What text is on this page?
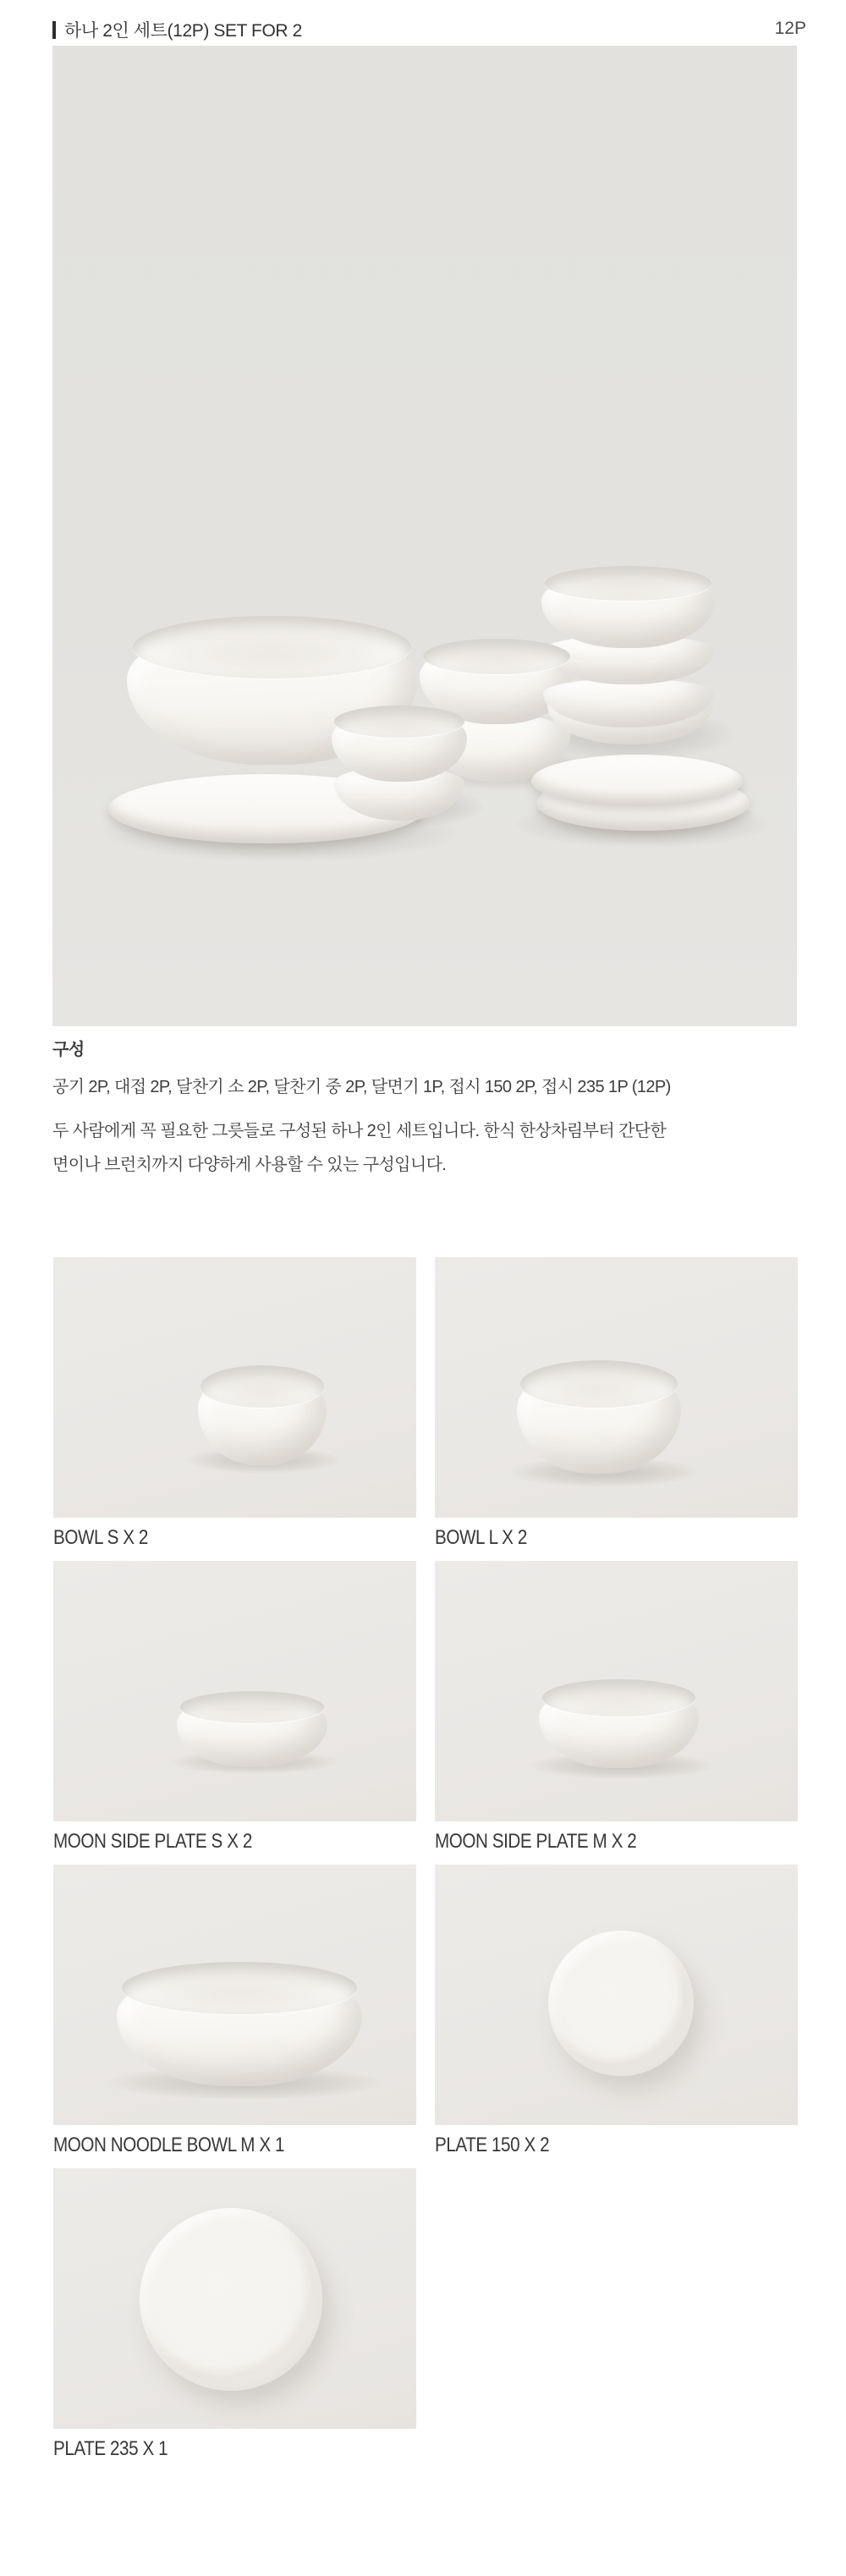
하나 2인 세트(12P) SET FOR 2	12P
구성
공기 2P, 대접 2P, 달찬기 소 2P, 달찬기 중 2P, 달면기 1P, 접시 150 2P, 접시 235 1P (12P)
두 사람에게 꼭 필요한 그릇들로 구성된 하나 2인 세트입니다. 한식 한상차림부터 간단한
면이나 브런치까지 다양하게 사용할 수 있는 구성입니다.
BOWL S X 2	BOWL L X 2
MOON SIDE PLATE S X 2	MOON SIDE PLATE M X 2
MOON NOODLE BOWL M X 1	PLATE 150 X 2
PLATE 235 X 1
